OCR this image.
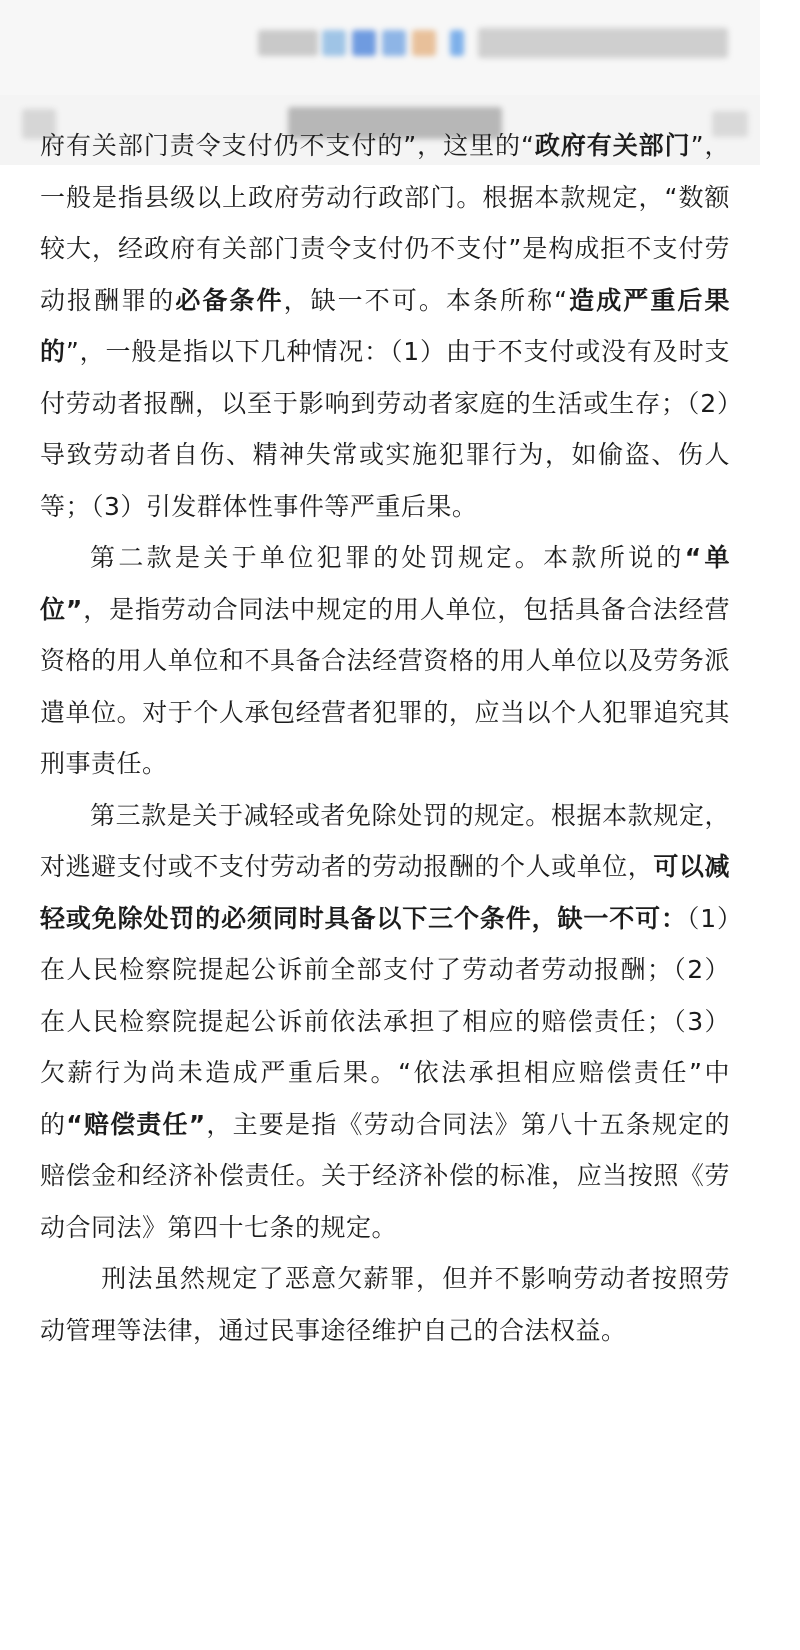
府有关部门责令支付仍不支付的”，这里的“政府有关部门”，一般是指县级以上政府劳动行政部门。根据本款规定，“数额较大，经政府有关部门责令支付仍不支付”是构成拒不支付劳动报酬罪的必备条件，缺一不可。本条所称“造成严重后果的”，一般是指以下几种情况：（1）由于不支付或没有及时支付劳动者报酬，以至于影响到劳动者家庭的生活或生存；（2）导致劳动者自伤、精神失常或实施犯罪行为，如偷盗、伤人等；（3）引发群体性事件等严重后果。

第二款是关于单位犯罪的处罚规定。本款所说的“单位”，是指劳动合同法中规定的用人单位，包括具备合法经营资格的用人单位和不具备合法经营资格的用人单位以及劳务派遣单位。对于个人承包经营者犯罪的，应当以个人犯罪追究其刑事责任。

第三款是关于减轻或者免除处罚的规定。根据本款规定，对逃避支付或不支付劳动者的劳动报酬的个人或单位，可以减轻或免除处罚的必须同时具备以下三个条件，缺一不可：（1）在人民检察院提起公诉前全部支付了劳动者劳动报酬；（2）在人民检察院提起公诉前依法承担了相应的赔偿责任；（3）欠薪行为尚未造成严重后果。“依法承担相应赔偿责任”中的“赔偿责任”，主要是指《劳动合同法》第八十五条规定的赔偿金和经济补偿责任。关于经济补偿的标准，应当按照《劳动合同法》第四十七条的规定。

刑法虽然规定了恶意欠薪罪，但并不影响劳动者按照劳动管理等法律，通过民事途径维护自己的合法权益。
